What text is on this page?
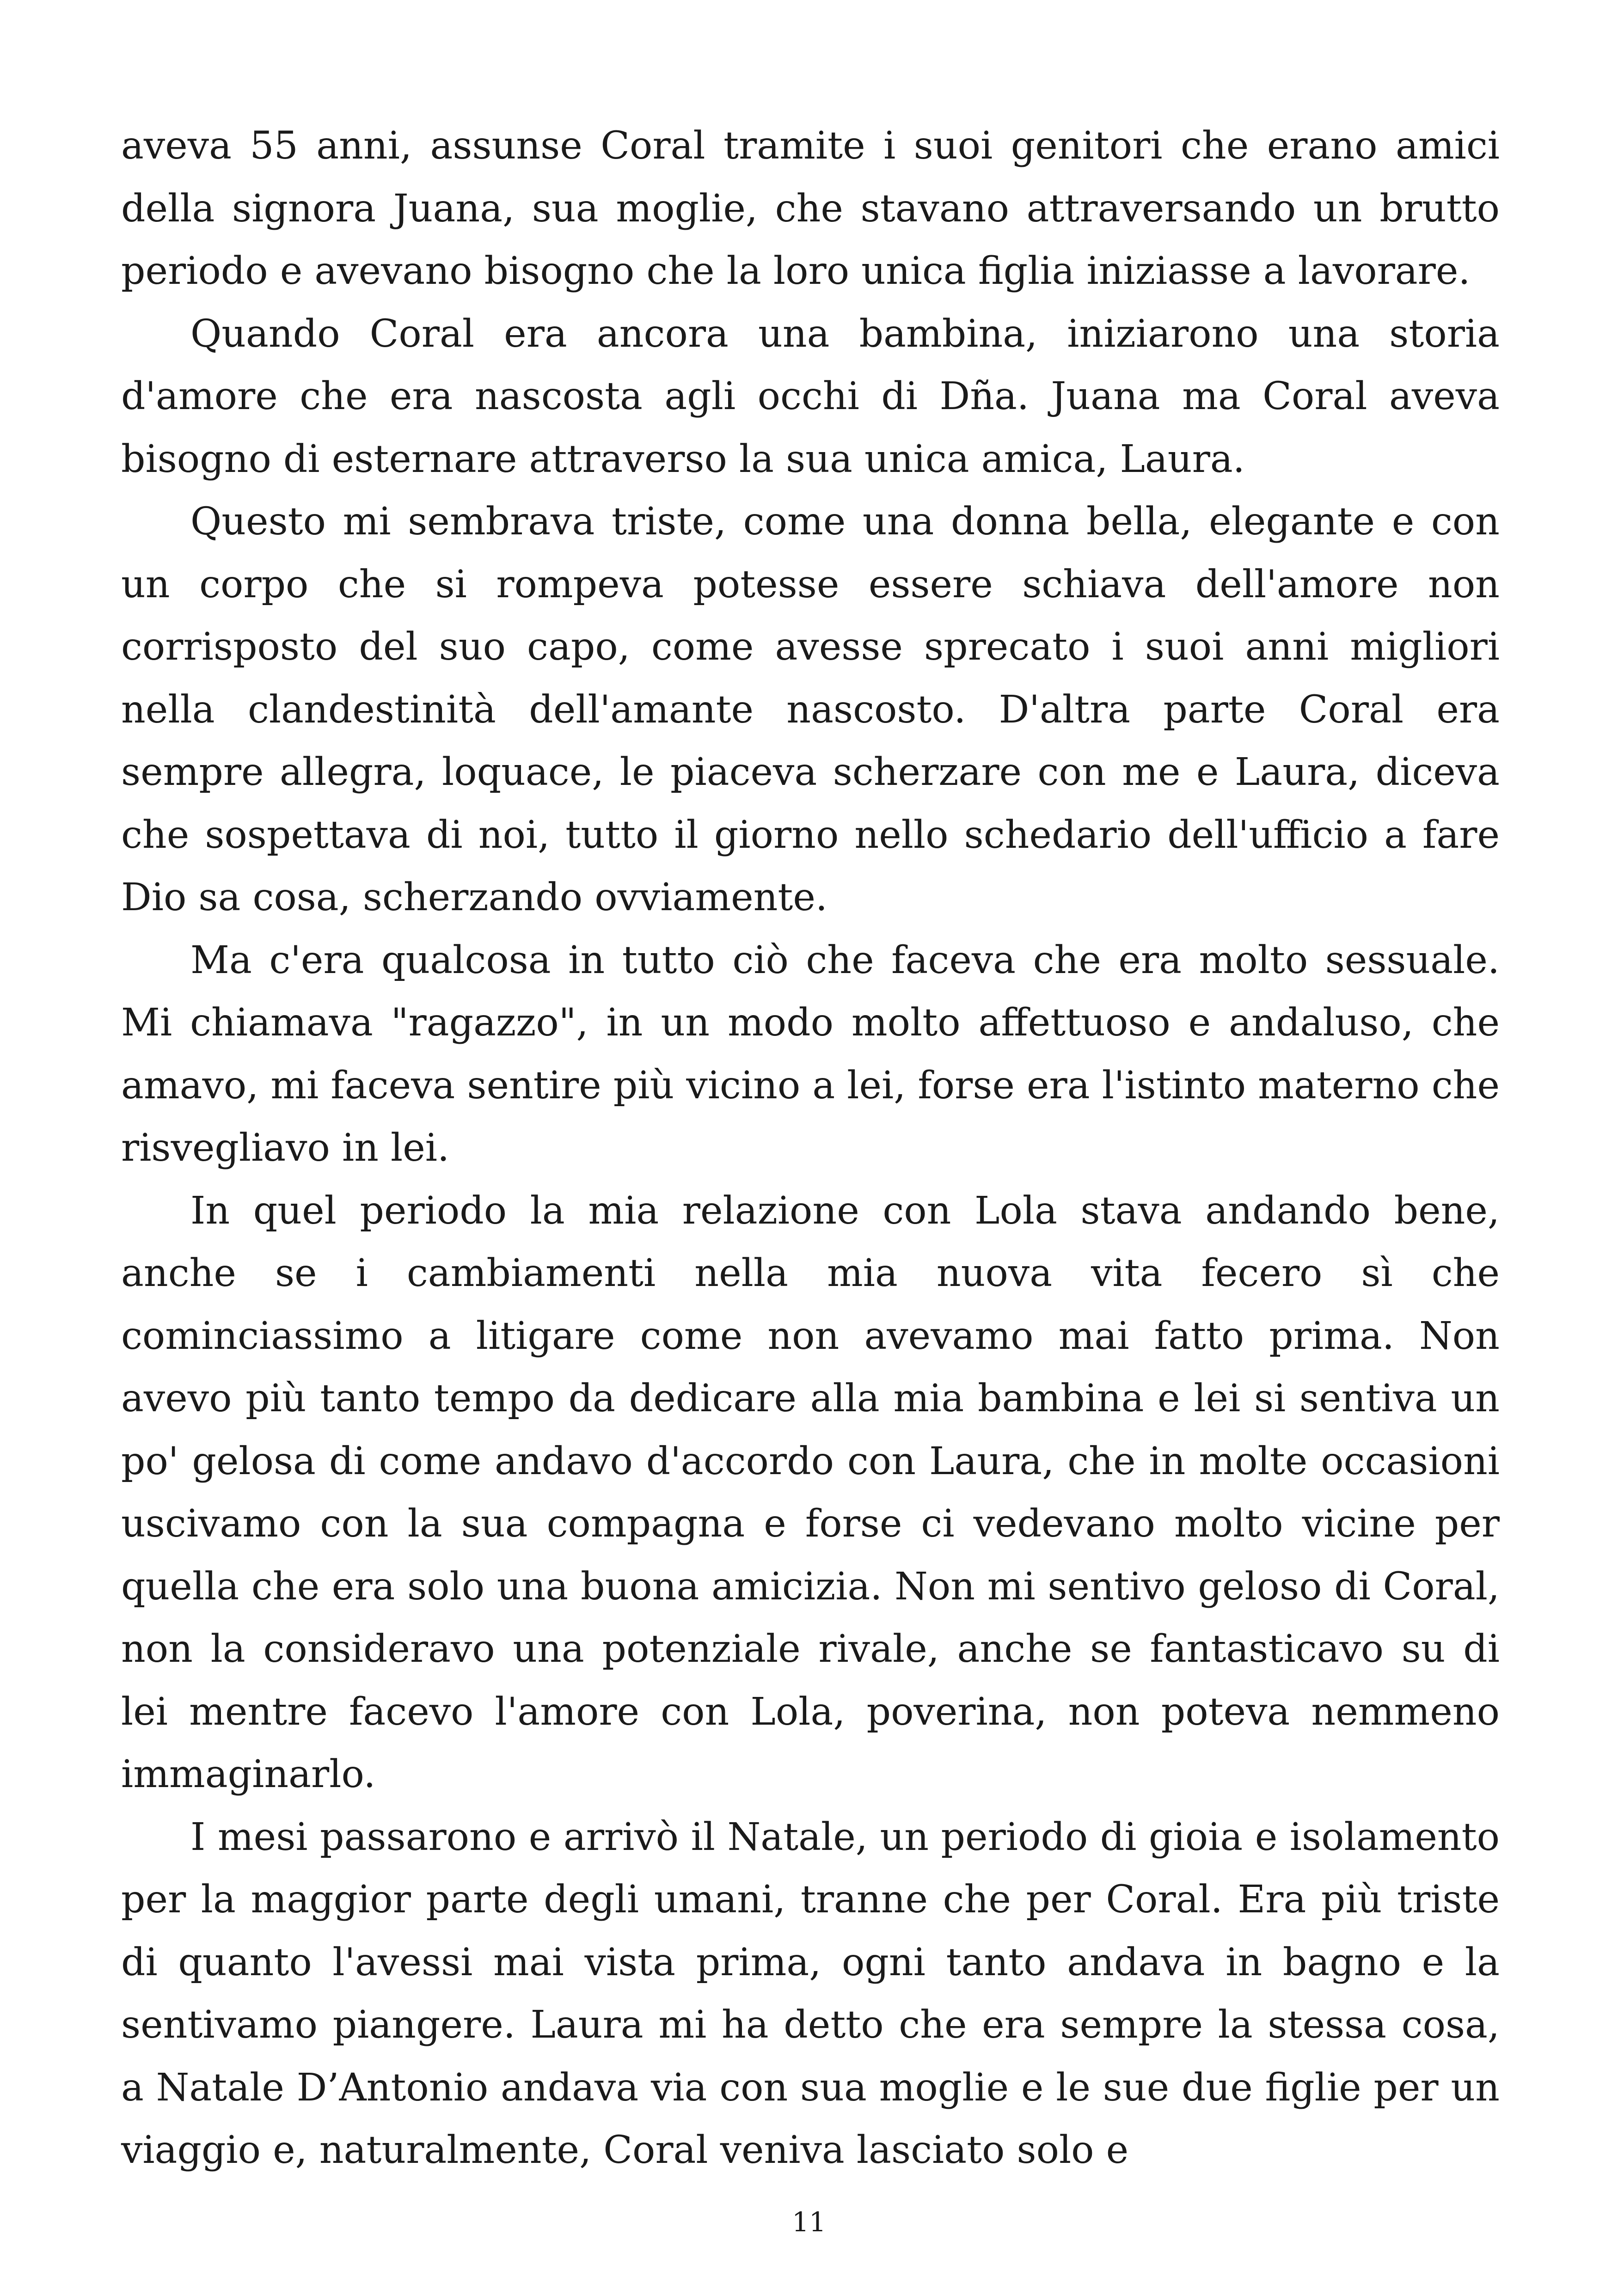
aveva 55 anni, assunse Coral tramite i suoi genitori che erano amici della signora Juana, sua moglie, che stavano attraversando un brutto periodo e avevano bisogno che la loro unica figlia iniziasse a lavorare.

Quando Coral era ancora una bambina, iniziarono una storia d'amore che era nascosta agli occhi di Dña. Juana ma Coral aveva bisogno di esternare attraverso la sua unica amica, Laura.

Questo mi sembrava triste, come una donna bella, elegante e con un corpo che si rompeva potesse essere schiava dell'amore non corrisposto del suo capo, come avesse sprecato i suoi anni migliori nella clandestinità dell'amante nascosto. D'altra parte Coral era sempre allegra, loquace, le piaceva scherzare con me e Laura, diceva che sospettava di noi, tutto il giorno nello schedario dell'ufficio a fare Dio sa cosa, scherzando ovviamente.

Ma c'era qualcosa in tutto ciò che faceva che era molto sessuale. Mi chiamava "ragazzo", in un modo molto affettuoso e andaluso, che amavo, mi faceva sentire più vicino a lei, forse era l'istinto materno che risvegliavo in lei.

In quel periodo la mia relazione con Lola stava andando bene, anche se i cambiamenti nella mia nuova vita fecero sì che cominciassimo a litigare come non avevamo mai fatto prima. Non avevo più tanto tempo da dedicare alla mia bambina e lei si sentiva un po' gelosa di come andavo d'accordo con Laura, che in molte occasioni uscivamo con la sua compagna e forse ci vedevano molto vicine per quella che era solo una buona amicizia. Non mi sentivo geloso di Coral, non la consideravo una potenziale rivale, anche se fantasticavo su di lei mentre facevo l'amore con Lola, poverina, non poteva nemmeno immaginarlo.

I mesi passarono e arrivò il Natale, un periodo di gioia e isolamento per la maggior parte degli umani, tranne che per Coral. Era più triste di quanto l'avessi mai vista prima, ogni tanto andava in bagno e la sentivamo piangere. Laura mi ha detto che era sempre la stessa cosa, a Natale D’Antonio andava via con sua moglie e le sue due figlie per un viaggio e, naturalmente, Coral veniva lasciato solo e

11
